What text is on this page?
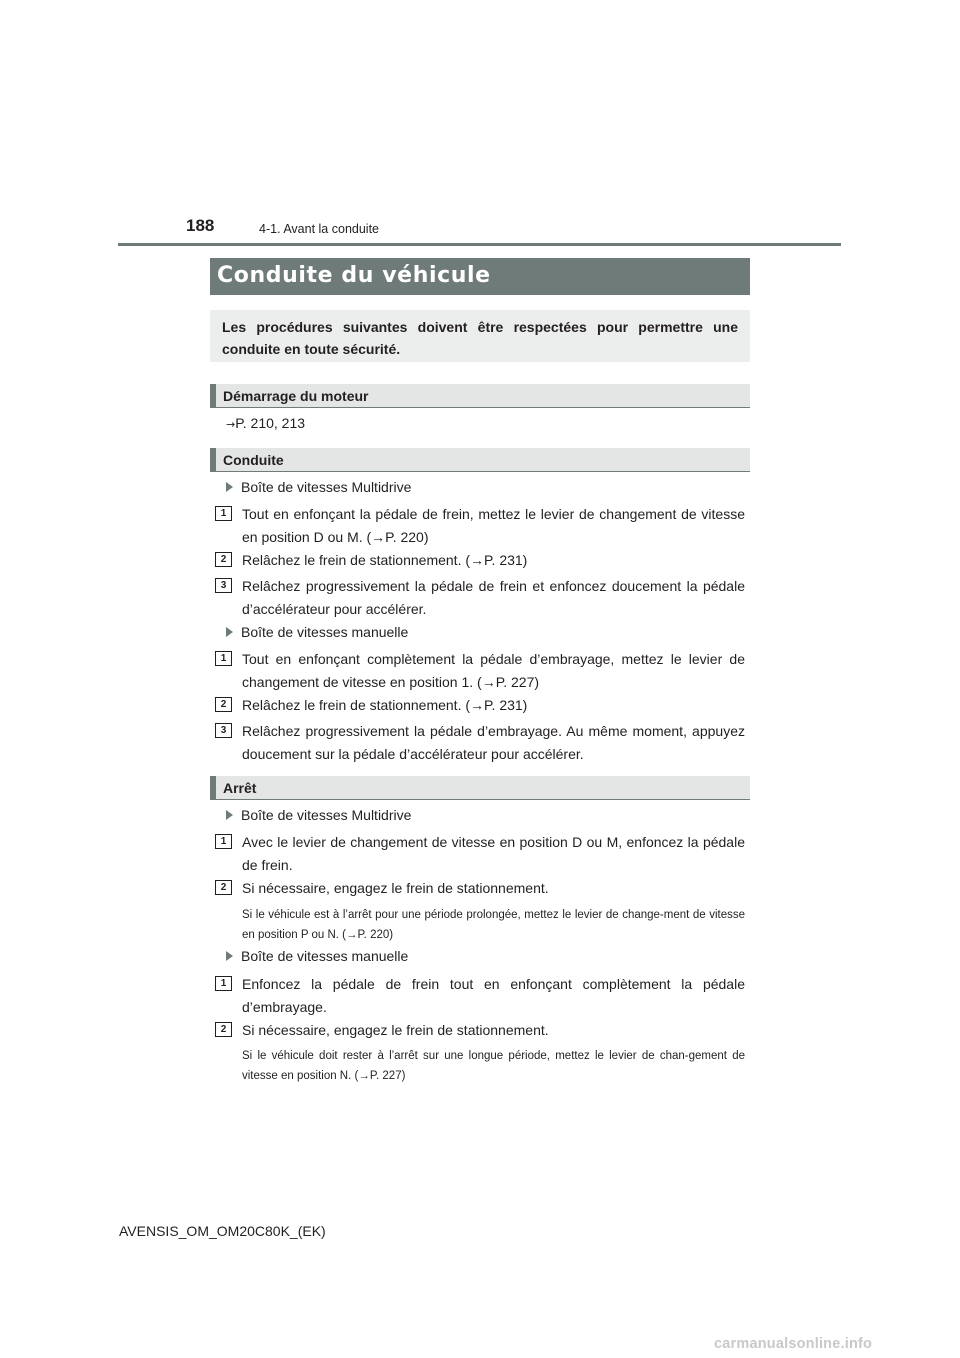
188	4-1. Avant la conduite
Conduite du véhicule
Les procédures suivantes doivent être respectées pour permettre une conduite en toute sécurité.
Démarrage du moteur
→P. 210, 213
Conduite
Boîte de vitesses Multidrive
1	Tout en enfonçant la pédale de frein, mettez le levier de changement de vitesse en position D ou M. (→P. 220)
2	Relâchez le frein de stationnement. (→P. 231)
3	Relâchez progressivement la pédale de frein et enfoncez doucement la pédale d’accélérateur pour accélérer.
Boîte de vitesses manuelle
1	Tout en enfonçant complètement la pédale d’embrayage, mettez le levier de changement de vitesse en position 1. (→P. 227)
2	Relâchez le frein de stationnement. (→P. 231)
3	Relâchez progressivement la pédale d’embrayage. Au même moment, appuyez doucement sur la pédale d’accélérateur pour accélérer.
Arrêt
Boîte de vitesses Multidrive
1	Avec le levier de changement de vitesse en position D ou M, enfoncez la pédale de frein.
2	Si nécessaire, engagez le frein de stationnement.
Si le véhicule est à l’arrêt pour une période prolongée, mettez le levier de change-ment de vitesse en position P ou N. (→P. 220)
Boîte de vitesses manuelle
1	Enfoncez la pédale de frein tout en enfonçant complètement la pédale d’embrayage.
2	Si nécessaire, engagez le frein de stationnement.
Si le véhicule doit rester à l’arrêt sur une longue période, mettez le levier de chan-gement de vitesse en position N. (→P. 227)
AVENSIS_OM_OM20C80K_(EK)
carmanualsonline.info
